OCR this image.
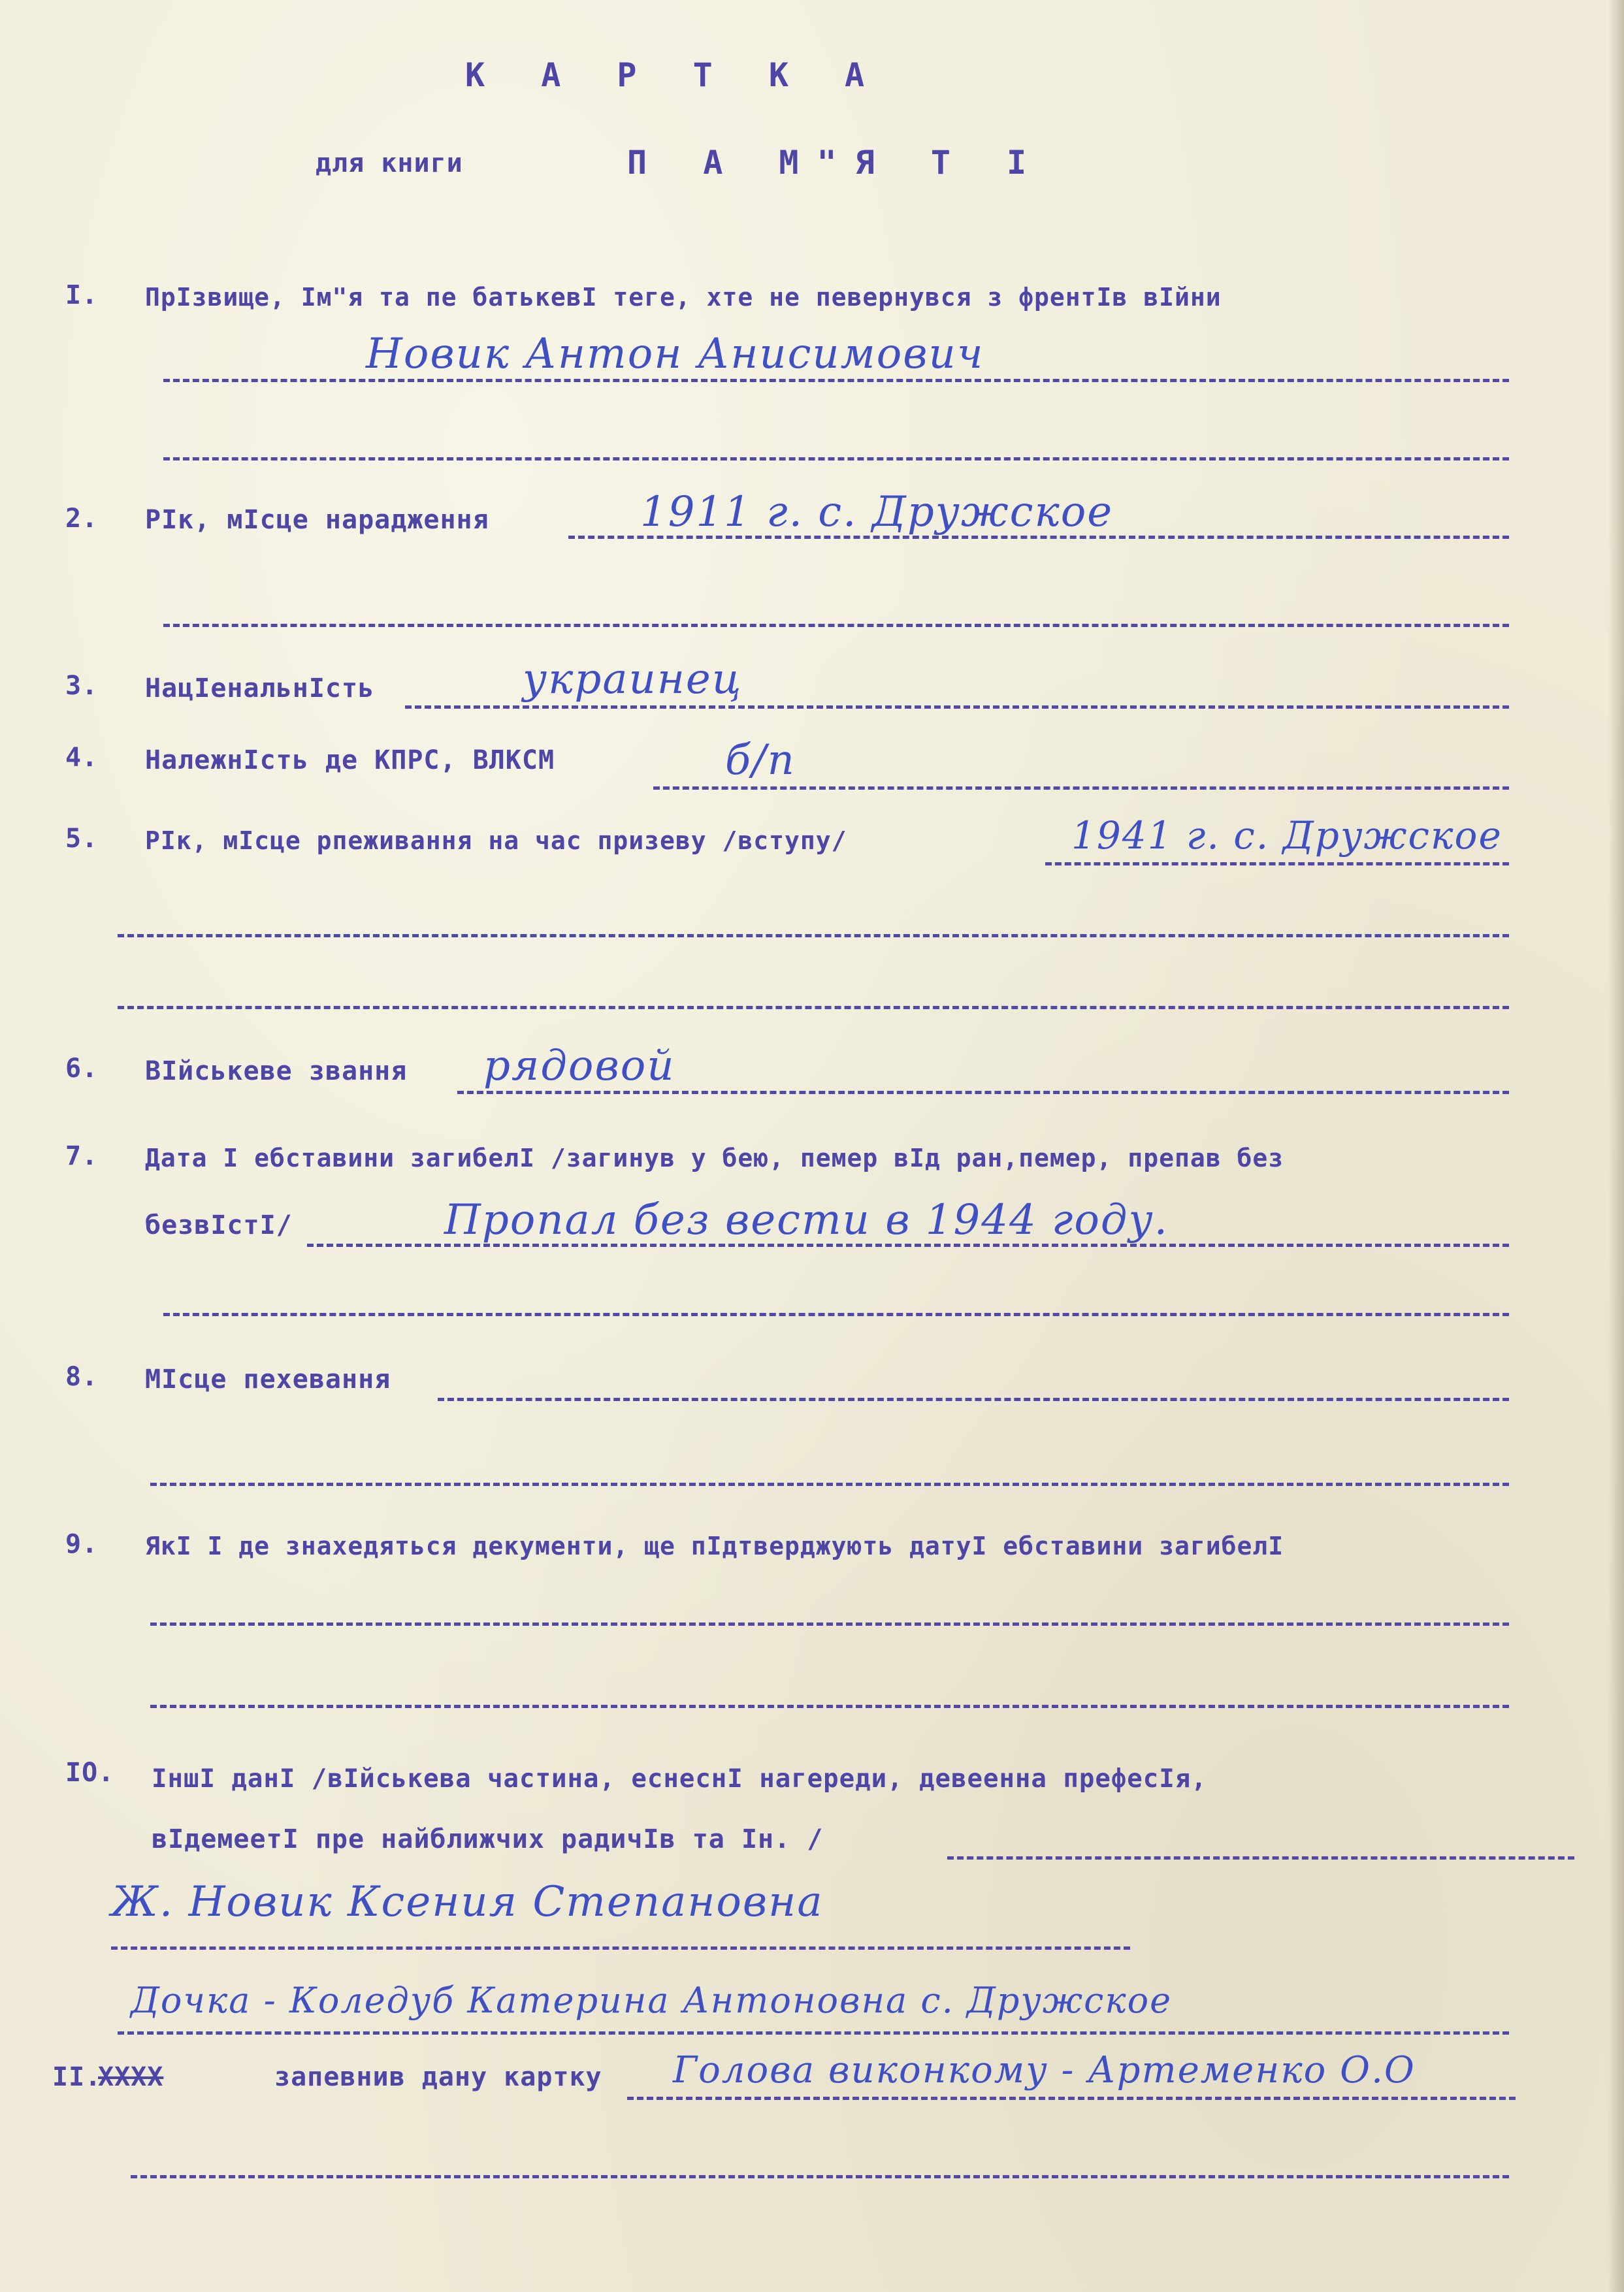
К А Р Т К А
для книги	П А М"Я Т І
I. ПрІзвище, Ім"я та пе батькевІ теге, хте не певернувся з френтІв вІйни
Новик Антон Анисимович
2. РІк, мІсце нарадження	1911 г. с. Дружское
3. НацІенальнІсть	украинец
4. НалежнІсть де КПРС, ВЛКСМ	б/п
5. РІк, мІсце рпеживання на час призеву /вступу/	1941 г. с. Дружское
6. ВІйськеве звання рядовой
7. Дата І ебставини загибелІ /загинув у бею, пемер вІд ран,пемер, препав без
безвІстІ/	Пропал без вести в 1944 году.
8. МІсце пехевання
9. ЯкІ І де знахедяться декументи, ще пІдтверджують датуІ ебставини загибелІ
IO. ІншІ данІ /вІйськева частина, еснеснІ нагереди, девеенна префесІя,
вІдемеетІ пре найближчих радичІв та Ін. /
Ж. Новик Ксения Степановна
Дочка - Коледуб Катерина Антоновна с. Дружское
II.
ХХХХ	запевнив дану картку Голова виконкому - Артеменко О.О
